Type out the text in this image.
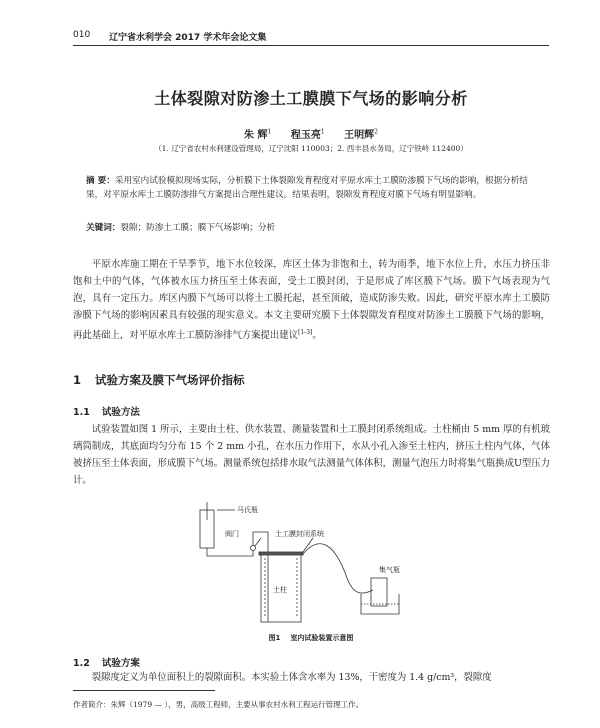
010 辽宁省水利学会 2017 学术年会论文集
土体裂隙对防渗土工膜膜下气场的影响分析
朱 辉$^1$ 程玉亮$^1$ 王明辉$^2$
（1. 辽宁省农村水利建设管理局，辽宁沈阳 110003；2. 西丰县水务局，辽宁铁岭 112400）
摘 要：采用室内试验模拟现场实际，分析膜下土体裂隙发育程度对平原水库土工膜防渗膜下气场的影响，根据分析结果，对平原水库土工膜防渗排气方案提出合理性建议。结果表明，裂隙发育程度对膜下气场有明显影响。
关键词：裂隙；防渗土工膜；膜下气场影响；分析
平原水库施工期在干旱季节，地下水位较深，库区土体为非饱和土，转为雨季，地下水位上升，水压力挤压非饱和土中的气体，气体被水压力挤压至土体表面，受土工膜封闭，于是形成了库区膜下气场。膜下气场表现为气泡，具有一定压力。库区内膜下气场可以将土工膜托起，甚至顶破，造成防渗失败。因此，研究平原水库土工膜防渗膜下气场的影响因素具有较强的现实意义。本文主要研究膜下土体裂隙发育程度对防渗土工膜膜下气场的影响，再此基础上，对平原水库土工膜防渗排气方案提出建议[1-3]。
1 试验方案及膜下气场评价指标
1.1 试验方法
试验装置如图 1 所示，主要由土柱、供水装置、测量装置和土工膜封闭系统组成。土柱桶由 5 mm 厚的有机玻璃筒制成，其底面均匀分布 15 个 2 mm 小孔，在水压力作用下，水从小孔入渗至土柱内，挤压土柱内气体，气体被挤压至土体表面，形成膜下气场。测量系统包括排水取气法测量气体体积，测量气泡压力时将集气瓶换成U型压力计。
马氏瓶
阀门	土工膜封闭系统
土柱
集气瓶
图1 室内试验装置示意图
1.2 试验方案
裂隙度定义为单位面积上的裂隙面积。本实验土体含水率为 13%，干密度为 1.4 g/cm³，裂隙度
作者简介：朱辉（1979 — ），男，高级工程师，主要从事农村水利工程运行管理工作。
